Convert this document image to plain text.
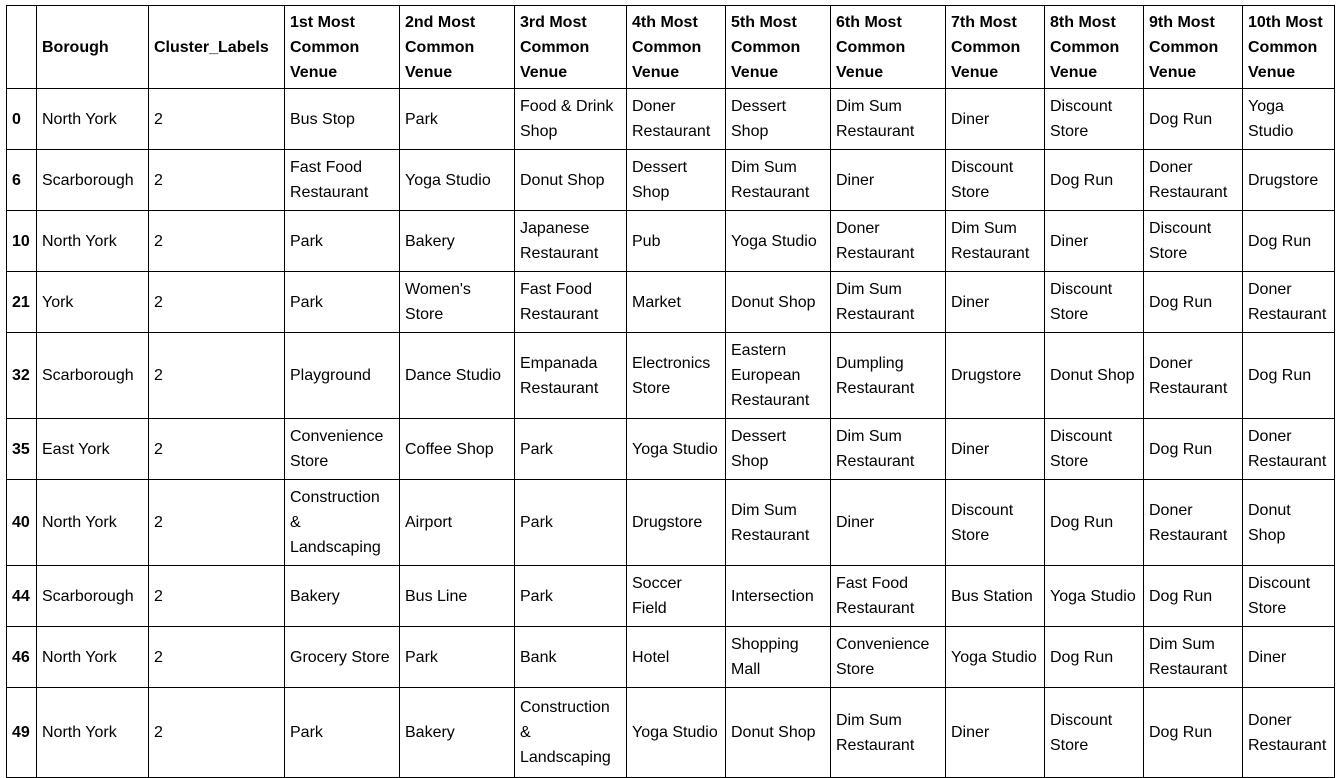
	Borough	Cluster_Labels	1st Most Common Venue	2nd Most Common Venue	3rd Most Common Venue	4th Most Common Venue	5th Most Common Venue	6th Most Common Venue	7th Most Common Venue	8th Most Common Venue	9th Most Common Venue	10th Most Common Venue
0	North York	2	Bus Stop	Park	Food & Drink Shop	Doner Restaurant	Dessert Shop	Dim Sum Restaurant	Diner	Discount Store	Dog Run	Yoga Studio
6	Scarborough	2	Fast Food Restaurant	Yoga Studio	Donut Shop	Dessert Shop	Dim Sum Restaurant	Diner	Discount Store	Dog Run	Doner Restaurant	Drugstore
10	North York	2	Park	Bakery	Japanese Restaurant	Pub	Yoga Studio	Doner Restaurant	Dim Sum Restaurant	Diner	Discount Store	Dog Run
21	York	2	Park	Women's Store	Fast Food Restaurant	Market	Donut Shop	Dim Sum Restaurant	Diner	Discount Store	Dog Run	Doner Restaurant
32	Scarborough	2	Playground	Dance Studio	Empanada Restaurant	Electronics Store	Eastern European Restaurant	Dumpling Restaurant	Drugstore	Donut Shop	Doner Restaurant	Dog Run
35	East York	2	Convenience Store	Coffee Shop	Park	Yoga Studio	Dessert Shop	Dim Sum Restaurant	Diner	Discount Store	Dog Run	Doner Restaurant
40	North York	2	Construction & Landscaping	Airport	Park	Drugstore	Dim Sum Restaurant	Diner	Discount Store	Dog Run	Doner Restaurant	Donut Shop
44	Scarborough	2	Bakery	Bus Line	Park	Soccer Field	Intersection	Fast Food Restaurant	Bus Station	Yoga Studio	Dog Run	Discount Store
46	North York	2	Grocery Store	Park	Bank	Hotel	Shopping Mall	Convenience Store	Yoga Studio	Dog Run	Dim Sum Restaurant	Diner
49	North York	2	Park	Bakery	Construction & Landscaping	Yoga Studio	Donut Shop	Dim Sum Restaurant	Diner	Discount Store	Dog Run	Doner Restaurant
